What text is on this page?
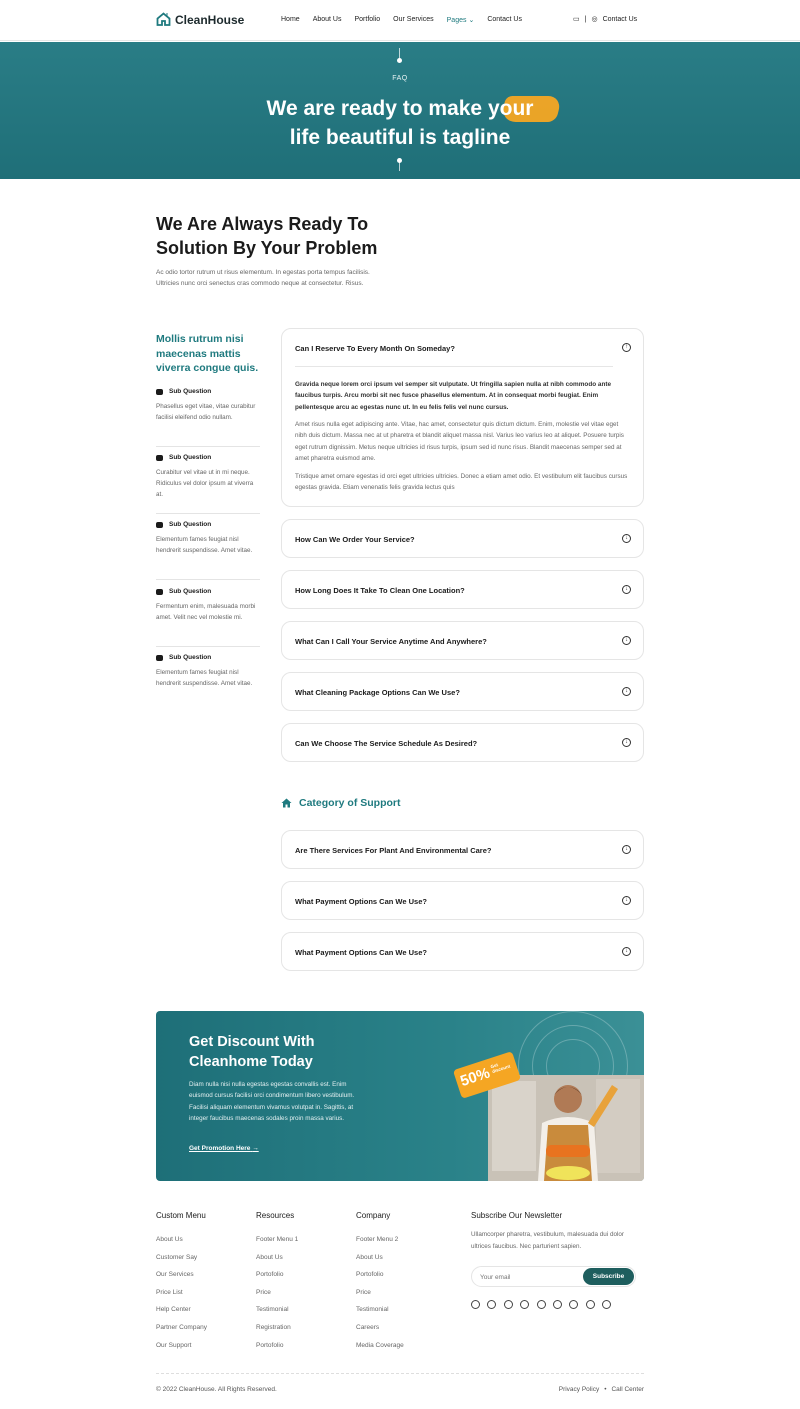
CleanHouse	Home About Us Portfolio Our Services Pages ⌄ Contact Us	▭ | ◎ Contact Us
FAQ
We are ready to make your
life beautiful is tagline
We Are Always Ready To Solution By Your Problem
Ac odio tortor rutrum ut risus elementum. In egestas porta tempus facilisis. Ultricies nunc orci senectus cras commodo neque at consectetur. Risus.
Mollis rutrum nisi maecenas mattis viverra congue quis.
Sub Question
Phasellus eget vitae, vitae curabitur facilisi eleifend odio nullam.
Sub Question
Curabitur vel vitae ut in mi neque. Ridiculus vel dolor ipsum at viverra at.
Sub Question
Elementum fames feugiat nisl hendrerit suspendisse. Amet vitae.
Sub Question
Fermentum enim, malesuada morbi amet. Velit nec vel molestie mi.
Sub Question
Elementum fames feugiat nisl hendrerit suspendisse. Amet vitae.
Can I Reserve To Every Month On Someday?	↑
Gravida neque lorem orci ipsum vel semper sit vulputate. Ut fringilla sapien nulla at nibh commodo ante faucibus turpis. Arcu morbi sit nec fusce phasellus elementum. At in consequat morbi feugiat. Enim pellentesque arcu ac egestas nunc ut. In eu felis felis vel nunc cursus.
Amet risus nulla eget adipiscing ante. Vitae, hac amet, consectetur quis dictum dictum. Enim, molestie vel vitae eget nibh duis dictum. Massa nec at ut pharetra et blandit aliquet massa nisl. Varius leo varius leo at aliquet. Posuere turpis eget rutrum dignissim. Metus neque ultricies id risus turpis, ipsum sed id nunc risus. Blandit maecenas semper sed at amet pharetra euismod ame.
Tristique amet ornare egestas id orci eget ultricies ultricies. Donec a etiam amet odio. Et vestibulum elit faucibus cursus egestas gravida. Etiam venenatis felis gravida lectus quis
How Can We Order Your Service?	↓
How Long Does It Take To Clean One Location?	↓
What Can I Call Your Service Anytime And Anywhere?	↓
What Cleaning Package Options Can We Use?	↓
Can We Choose The Service Schedule As Desired?	↓
Category of Support
Are There Services For Plant And Environmental Care?	↓
What Payment Options Can We Use?	↓
What Payment Options Can We Use?	↓
Get Discount With Cleanhome Today
Diam nulla nisi nulla egestas egestas convallis est. Enim euismod cursus facilisi orci condimentum libero vestibulum. Facilisi aliquam elementum vivamus volutpat in. Sagittis, at integer faucibus maecenas sodales proin massa varius.
Get Promotion Here →
50%
Get discount
Custom Menu
About Us
Customer Say
Our Services
Price List
Help Center
Partner Company
Our Support
Resources
Footer Menu 1
About Us
Portofolio
Price
Testimonial
Registration
Portofolio
Company
Footer Menu 2
About Us
Portofolio
Price
Testimonial
Careers
Media Coverage
Subscribe Our Newsletter
Ullamcorper pharetra, vestibulum, malesuada dui dolor ultrices faucibus. Nec parturient sapien.
Your email
Subscribe
© 2022 CleanHouse. All Rights Reserved.	Privacy Policy • Call Center
